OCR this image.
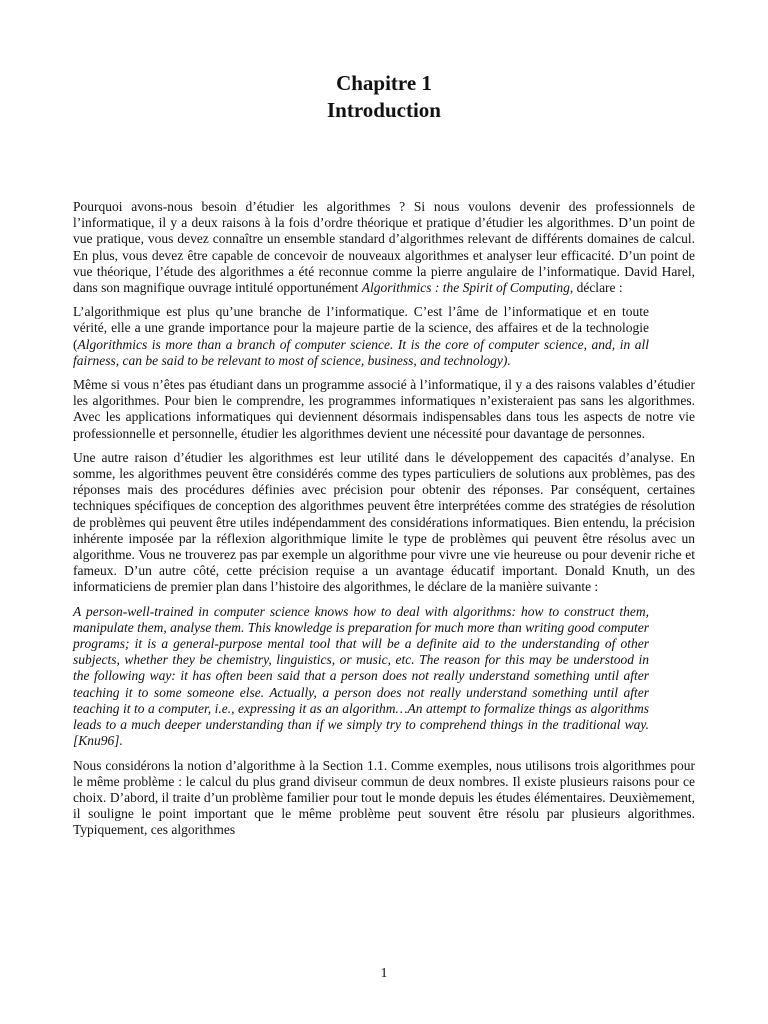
Chapitre 1
Introduction

Pourquoi avons-nous besoin d’étudier les algorithmes ? Si nous voulons devenir des professionnels de l’informatique, il y a deux raisons à la fois d’ordre théorique et pratique d’étudier les algorithmes. D’un point de vue pratique, vous devez connaître un ensemble standard d’algorithmes relevant de différents domaines de calcul. En plus, vous devez être capable de concevoir de nouveaux algorithmes et analyser leur efficacité. D’un point de vue théorique, l’étude des algorithmes a été reconnue comme la pierre angulaire de l’informatique. David Harel, dans son magnifique ouvrage intitulé opportunément Algorithmics : the Spirit of Computing, déclare :

L’algorithmique est plus qu’une branche de l’informatique. C’est l’âme de l’informatique et en toute vérité, elle a une grande importance pour la majeure partie de la science, des affaires et de la technologie (Algorithmics is more than a branch of computer science. It is the core of computer science, and, in all fairness, can be said to be relevant to most of science, business, and technology).

Même si vous n’êtes pas étudiant dans un programme associé à l’informatique, il y a des raisons valables d’étudier les algorithmes. Pour bien le comprendre, les programmes informatiques n’existeraient pas sans les algorithmes. Avec les applications informatiques qui deviennent désormais indispensables dans tous les aspects de notre vie professionnelle et personnelle, étudier les algorithmes devient une nécessité pour davantage de personnes.

Une autre raison d’étudier les algorithmes est leur utilité dans le développement des capacités d’analyse. En somme, les algorithmes peuvent être considérés comme des types particuliers de solutions aux problèmes, pas des réponses mais des procédures définies avec précision pour obtenir des réponses. Par conséquent, certaines techniques spécifiques de conception des algorithmes peuvent être interprétées comme des stratégies de résolution de problèmes qui peuvent être utiles indépendamment des considérations informatiques. Bien entendu, la précision inhérente imposée par la réflexion algorithmique limite le type de problèmes qui peuvent être résolus avec un algorithme. Vous ne trouverez pas par exemple un algorithme pour vivre une vie heureuse ou pour devenir riche et fameux. D’un autre côté, cette précision requise a un avantage éducatif important. Donald Knuth, un des informaticiens de premier plan dans l’histoire des algorithmes, le déclare de la manière suivante :

A person-well-trained in computer science knows how to deal with algorithms: how to construct them, manipulate them, analyse them. This knowledge is preparation for much more than writing good computer programs; it is a general-purpose mental tool that will be a definite aid to the understanding of other subjects, whether they be chemistry, linguistics, or music, etc. The reason for this may be understood in the following way: it has often been said that a person does not really understand something until after teaching it to some someone else. Actually, a person does not really understand something until after teaching it to a computer, i.e., expressing it as an algorithm…An attempt to formalize things as algorithms leads to a much deeper understanding than if we simply try to comprehend things in the traditional way. [Knu96].

Nous considérons la notion d’algorithme à la Section 1.1. Comme exemples, nous utilisons trois algorithmes pour le même problème : le calcul du plus grand diviseur commun de deux nombres. Il existe plusieurs raisons pour ce choix. D’abord, il traite d’un problème familier pour tout le monde depuis les études élémentaires. Deuxièmement, il souligne le point important que le même problème peut souvent être résolu par plusieurs algorithmes. Typiquement, ces algorithmes

1
